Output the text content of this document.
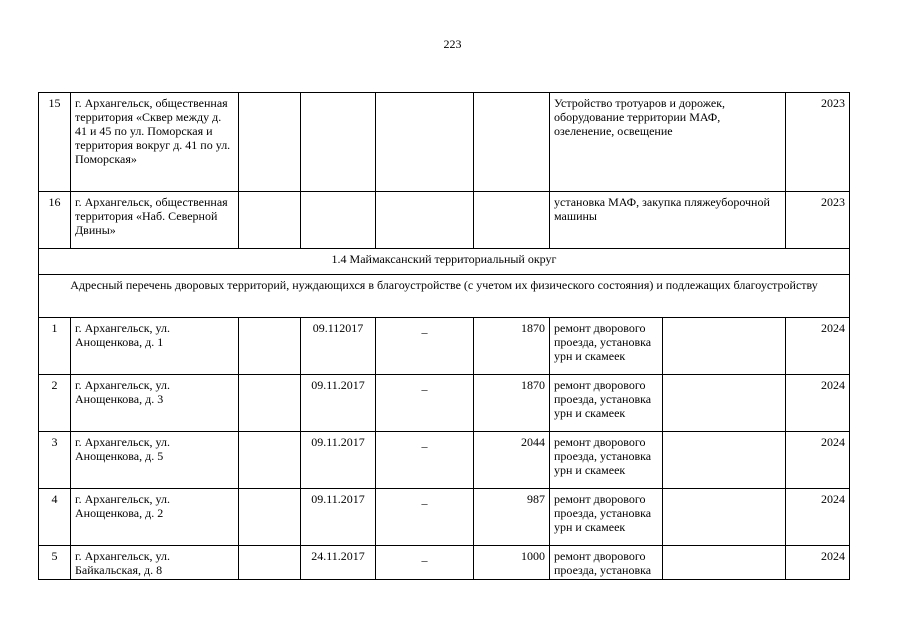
223
15	г. Архангельск, общественная территория «Сквер между д. 41 и 45 по ул. Поморская и территория вокруг д. 41 по ул. Поморская»					Устройство тротуаров и дорожек, оборудование территории МАФ, озеленение, освещение		2023
16	г. Архангельск, общественная территория «Наб. Северной Двины»					установка МАФ, закупка пляжеуборочной машины		2023
1.4 Маймаксанский территориальный округ								
Адресный перечень дворовых территорий, нуждающихся в благоустройстве (с учетом их физического состояния) и подлежащих благоустройству								
1	г. Архангельск, ул. Анощенкова, д. 1		09.112017	_	1870	ремонт дворового проезда, установка урн и скамеек		2024
2	г. Архангельск, ул. Анощенкова, д. 3		09.11.2017	_	1870	ремонт дворового проезда, установка урн и скамеек		2024
3	г. Архангельск, ул. Анощенкова, д. 5		09.11.2017	_	2044	ремонт дворового проезда, установка урн и скамеек		2024
4	г. Архангельск, ул. Анощенкова, д. 2		09.11.2017	_	987	ремонт дворового проезда, установка урн и скамеек		2024
5	г. Архангельск, ул. Байкальская, д. 8		24.11.2017	_	1000	ремонт дворового проезда, установка		2024
